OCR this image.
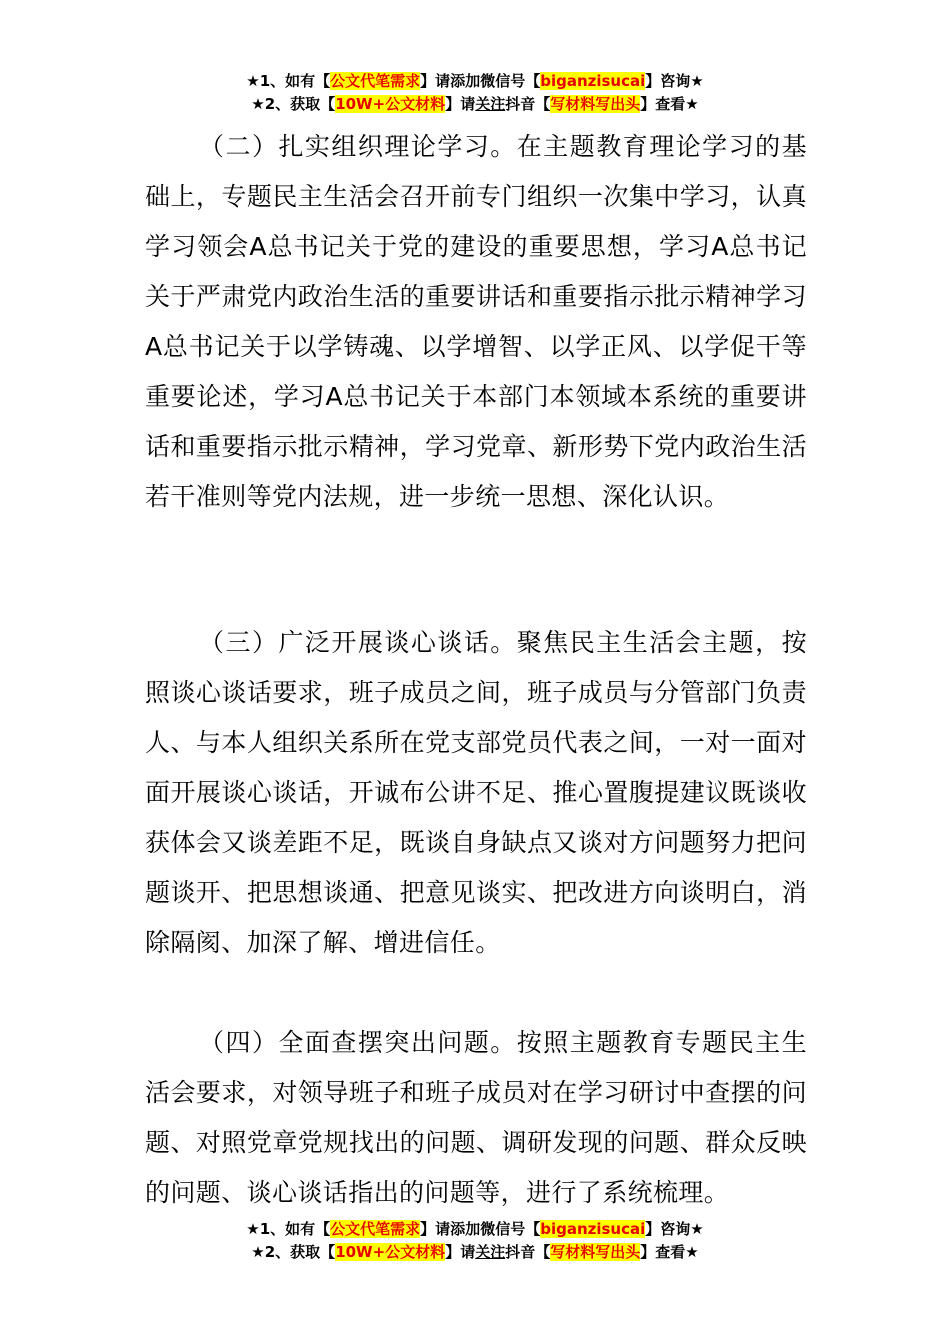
★1、如有【公文代笔需求】请添加微信号【biganzisucai】咨询★
★2、获取【10W+公文材料】请关注抖音【写材料写出头】查看★

（二）扎实组织理论学习。在主题教育理论学习的基础上，专题民主生活会召开前专门组织一次集中学习，认真学习领会A总书记关于党的建设的重要思想，学习A总书记关于严肃党内政治生活的重要讲话和重要指示批示精神学习A总书记关于以学铸魂、以学增智、以学正风、以学促干等重要论述，学习A总书记关于本部门本领域本系统的重要讲话和重要指示批示精神，学习党章、新形势下党内政治生活若干准则等党内法规，进一步统一思想、深化认识。

（三）广泛开展谈心谈话。聚焦民主生活会主题，按照谈心谈话要求，班子成员之间，班子成员与分管部门负责人、与本人组织关系所在党支部党员代表之间，一对一面对面开展谈心谈话，开诚布公讲不足、推心置腹提建议既谈收获体会又谈差距不足，既谈自身缺点又谈对方问题努力把问题谈开、把思想谈通、把意见谈实、把改进方向谈明白，消除隔阂、加深了解、增进信任。

（四）全面查摆突出问题。按照主题教育专题民主生活会要求，对领导班子和班子成员对在学习研讨中查摆的问题、对照党章党规找出的问题、调研发现的问题、群众反映的问题、谈心谈话指出的问题等，进行了系统梳理。

★1、如有【公文代笔需求】请添加微信号【biganzisucai】咨询★
★2、获取【10W+公文材料】请关注抖音【写材料写出头】查看★
